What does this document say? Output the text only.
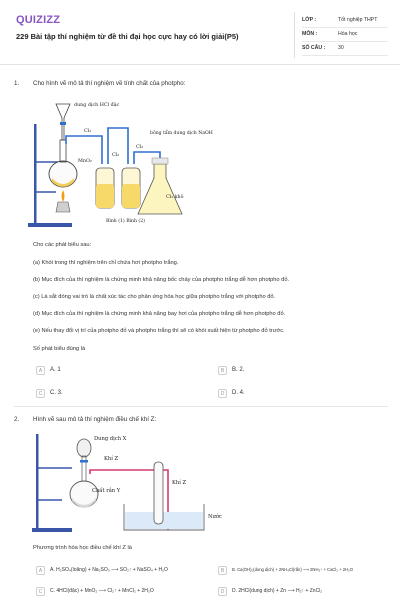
QUIZIZZ
229 Bài tập thí nghiệm từ đề thi đại học cực hay có lời giải(P5)
LỚP :	Tốt nghiệp THPT
MÔN :	Hóa học
SỐ CÂU : 30
1. Cho hình vẽ mô tả thí nghiệm về tính chất của photpho:
dung dịch HCl đặc
MnO₂
Cl₂
Cl₂
Cl₂
bông tẩm dung dịch NaOH
Cl₂ khô
Bình (1) Bình (2)
Cho các phát biểu sau:
(a) Khói trong thí nghiệm trên chỉ chứa hơi photpho trắng.
(b) Mục đích của thí nghiệm là chứng minh khả năng bốc cháy của photpho trắng dễ hơn photpho đỏ.
(c) Lá sắt đóng vai trò là chất xúc tác cho phản ứng hóa học giữa photpho trắng với photpho đỏ.
(d) Mục đích của thí nghiệm là chứng minh khả năng bay hơi của photpho trắng dễ hơn photpho đỏ.
(e) Nếu thay đổi vị trí của photpho đỏ và photpho trắng thì sẽ có khói xuất hiện từ photpho đỏ trước.
Số phát biểu đúng là
A	A. 1	B	B. 2.
C	C. 3.	D	D. 4.
2. Hình vẽ sau mô tả thí nghiệm điều chế khí Z:
Dung dịch X
Khí Z
Khí Z
Chất rắn Y
Nước
Phương trình hóa học điều chế khí Z là
A	A. H₂SO₄(loãng) + Na₂SO₃ ⟶ SO₂↑ + NaSO₄ + H₂O	B	B. Ca(OH)₂(dung dịch) + 2NH₄Cl(rắn) ⟶ 2NH₃↑ + CaCl₂ + 2H₂O
C	C. 4HCl(đặc) + MnO₂ ⟶ Cl₂↑ + MnCl₂ + 2H₂O	D	D. 2HCl(dung dịch) + Zn ⟶ H₂↑ + ZnCl₂
